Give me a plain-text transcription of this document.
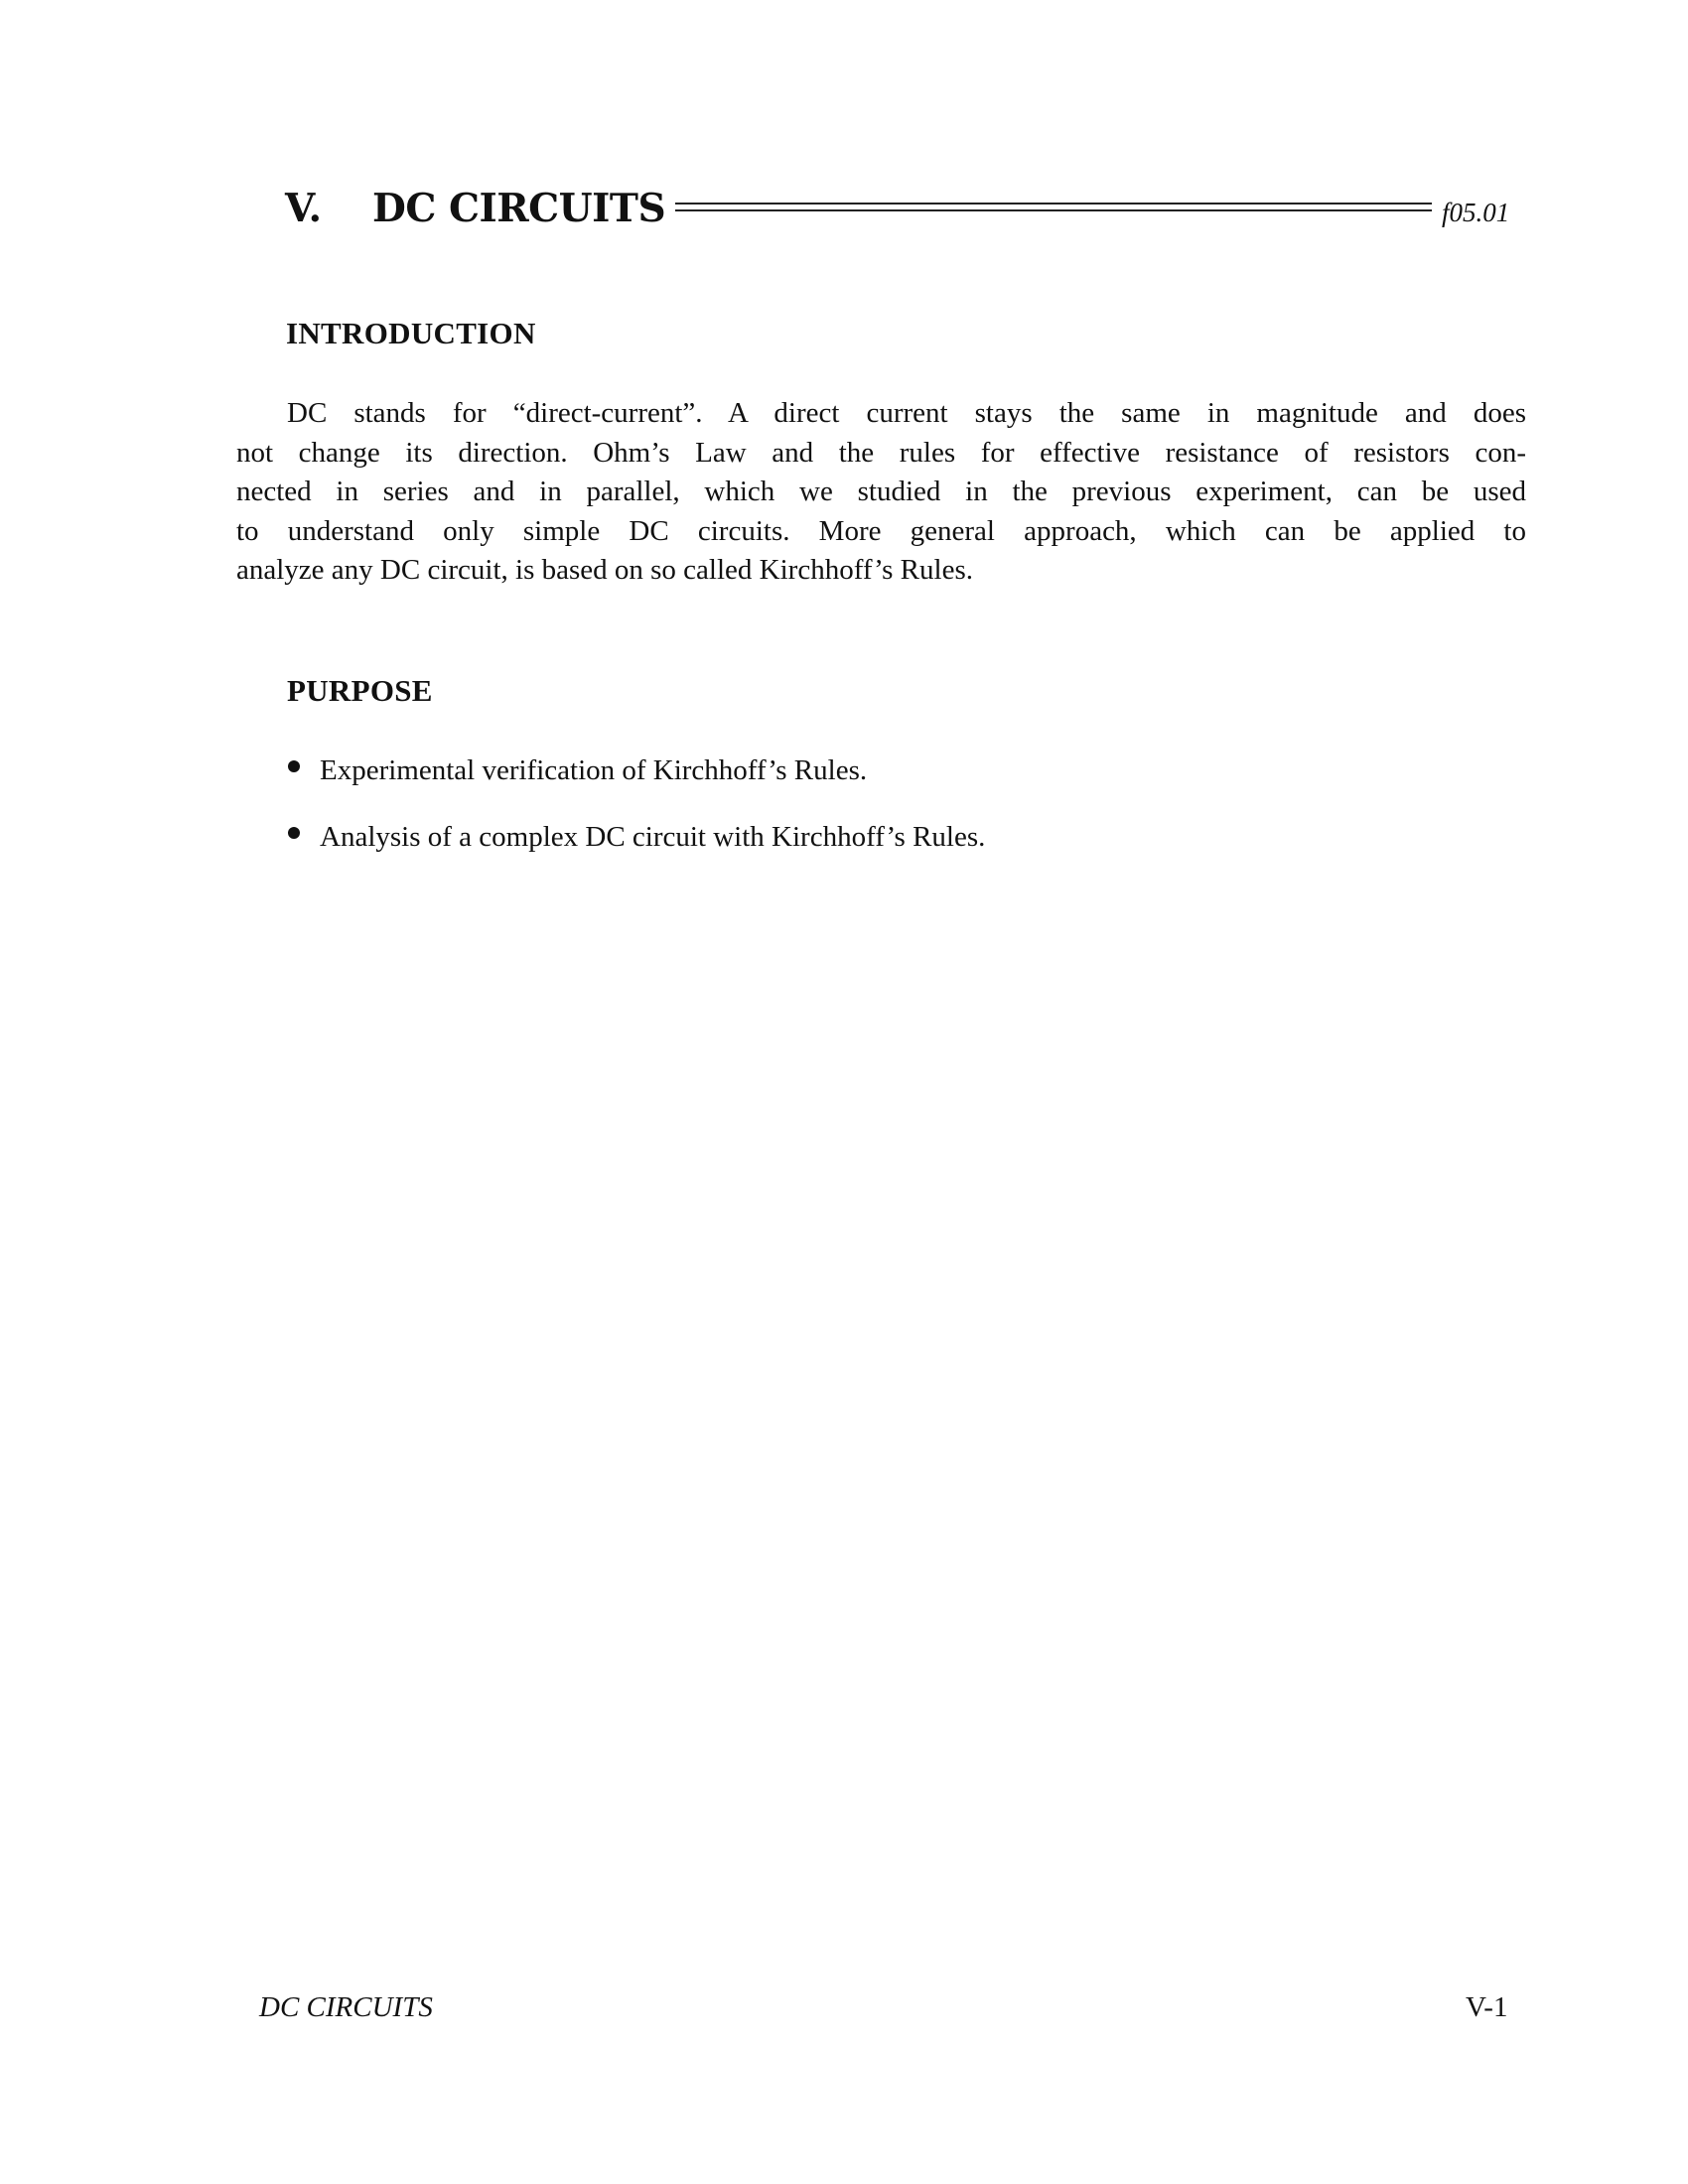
V. DC CIRCUITS	f05.01
INTRODUCTION
DC stands for “direct-current”. A direct current stays the same in magnitude and does
not change its direction. Ohm’s Law and the rules for effective resistance of resistors con-
nected in series and in parallel, which we studied in the previous experiment, can be used
to understand only simple DC circuits. More general approach, which can be applied to
analyze any DC circuit, is based on so called Kirchhoff’s Rules.
PURPOSE
Experimental verification of Kirchhoff’s Rules.
Analysis of a complex DC circuit with Kirchhoff’s Rules.
DC CIRCUITS	V-1
